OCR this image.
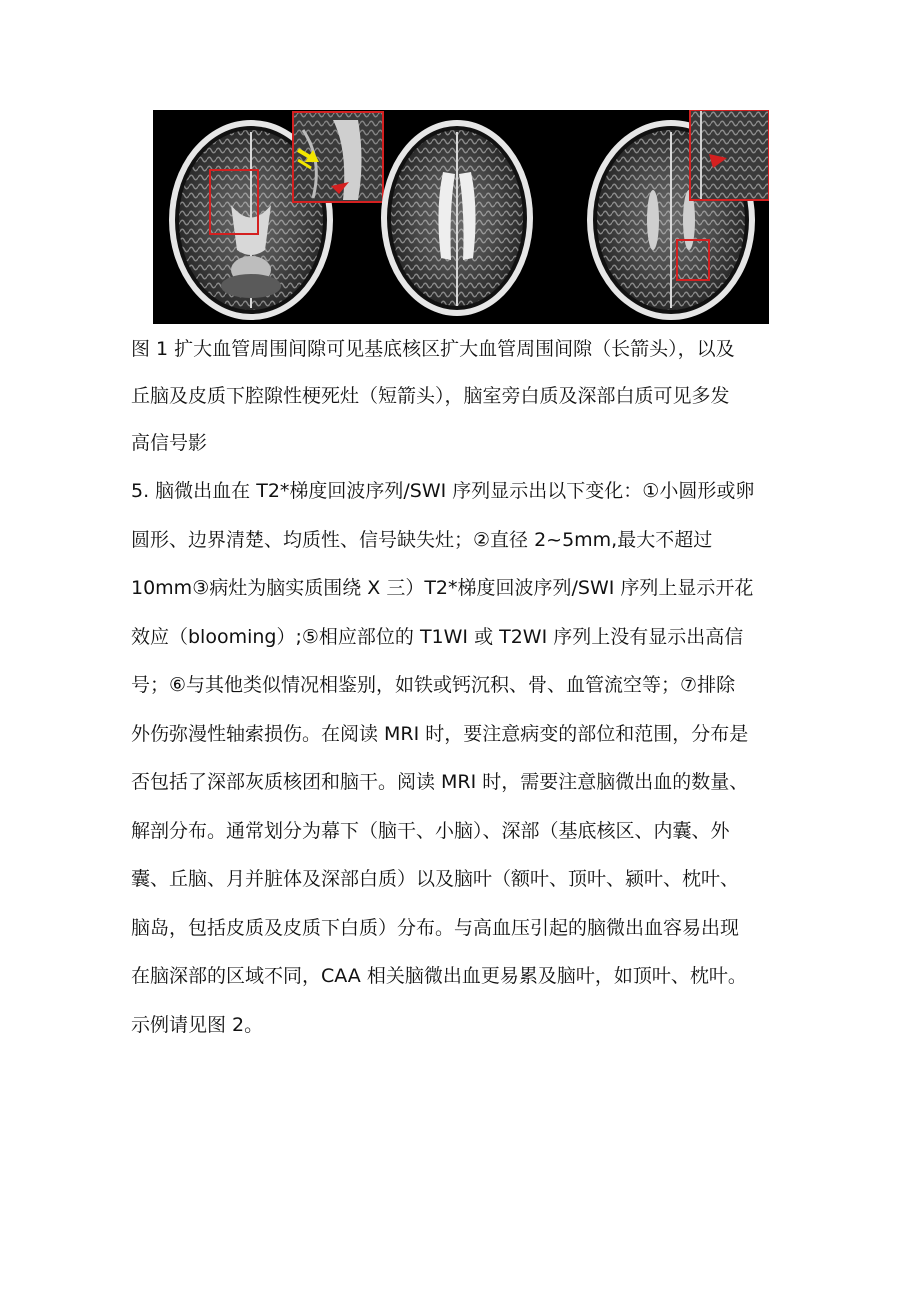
图 1 扩大血管周围间隙可见基底核区扩大血管周围间隙（长箭头），以及
丘脑及皮质下腔隙性梗死灶（短箭头），脑室旁白质及深部白质可见多发
高信号影
5. 脑微出血在 T2*梯度回波序列/SWI 序列显示出以下变化：①小圆形或卵
圆形、边界清楚、均质性、信号缺失灶；②直径 2~5mm,最大不超过
10mm③病灶为脑实质围绕 X 三）T2*梯度回波序列/SWI 序列上显示开花
效应（blooming）;⑤相应部位的 T1WI 或 T2WI 序列上没有显示出高信
号；⑥与其他类似情况相鉴别，如铁或钙沉积、骨、血管流空等；⑦排除
外伤弥漫性轴索损伤。在阅读 MRI 时，要注意病变的部位和范围，分布是
否包括了深部灰质核团和脑干。阅读 MRI 时，需要注意脑微出血的数量、
解剖分布。通常划分为幕下（脑干、小脑）、深部（基底核区、内囊、外
囊、丘脑、月并脏体及深部白质）以及脑叶（额叶、顶叶、颍叶、枕叶、
脑岛，包括皮质及皮质下白质）分布。与高血压引起的脑微出血容易出现
在脑深部的区域不同，CAA 相关脑微出血更易累及脑叶，如顶叶、枕叶。
示例请见图 2。
